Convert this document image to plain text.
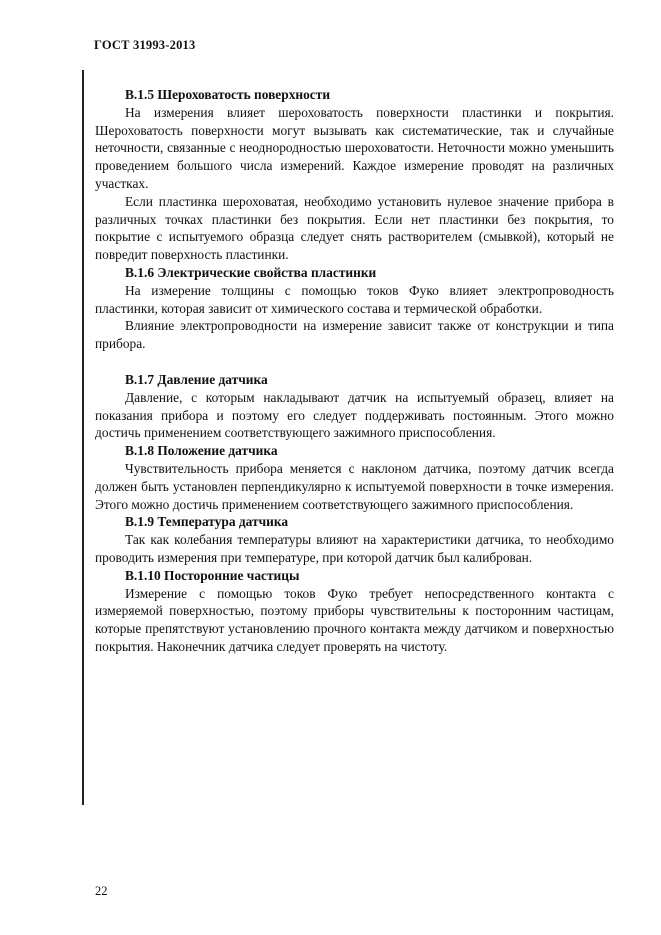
ГОСТ 31993-2013
В.1.5 Шероховатость поверхности

На измерения влияет шероховатость поверхности пластинки и покрытия. Шероховатость поверхности могут вызывать как систематические, так и случайные неточности, связанные с неоднородностью шероховатости. Неточности можно уменьшить проведением большого числа измерений. Каждое измерение проводят на различных участках.

Если пластинка шероховатая, необходимо установить нулевое значение прибора в различных точках пластинки без покрытия. Если нет пластинки без покрытия, то покрытие с испытуемого образца следует снять растворителем (смывкой), который не повредит поверхность пластинки.

В.1.6 Электрические свойства пластинки

На измерение толщины с помощью токов Фуко влияет электропроводность пластинки, которая зависит от химического состава и термической обработки.

Влияние электропроводности на измерение зависит также от конструкции и типа прибора.

В.1.7 Давление датчика

Давление, с которым накладывают датчик на испытуемый образец, влияет на показания прибора и поэтому его следует поддерживать постоянным. Этого можно достичь применением соответствующего зажимного приспособления.

В.1.8 Положение датчика

Чувствительность прибора меняется с наклоном датчика, поэтому датчик всегда должен быть установлен перпендикулярно к испытуемой поверхности в точке измерения. Этого можно достичь применением соответствующего зажимного приспособления.

В.1.9 Температура датчика

Так как колебания температуры влияют на характеристики датчика, то необходимо проводить измерения при температуре, при которой датчик был калиброван.

В.1.10 Посторонние частицы

Измерение с помощью токов Фуко требует непосредственного контакта с измеряемой поверхностью, поэтому приборы чувствительны к посторонним частицам, которые препятствуют установлению прочного контакта между датчиком и поверхностью покрытия. Наконечник датчика следует проверять на чистоту.

22
